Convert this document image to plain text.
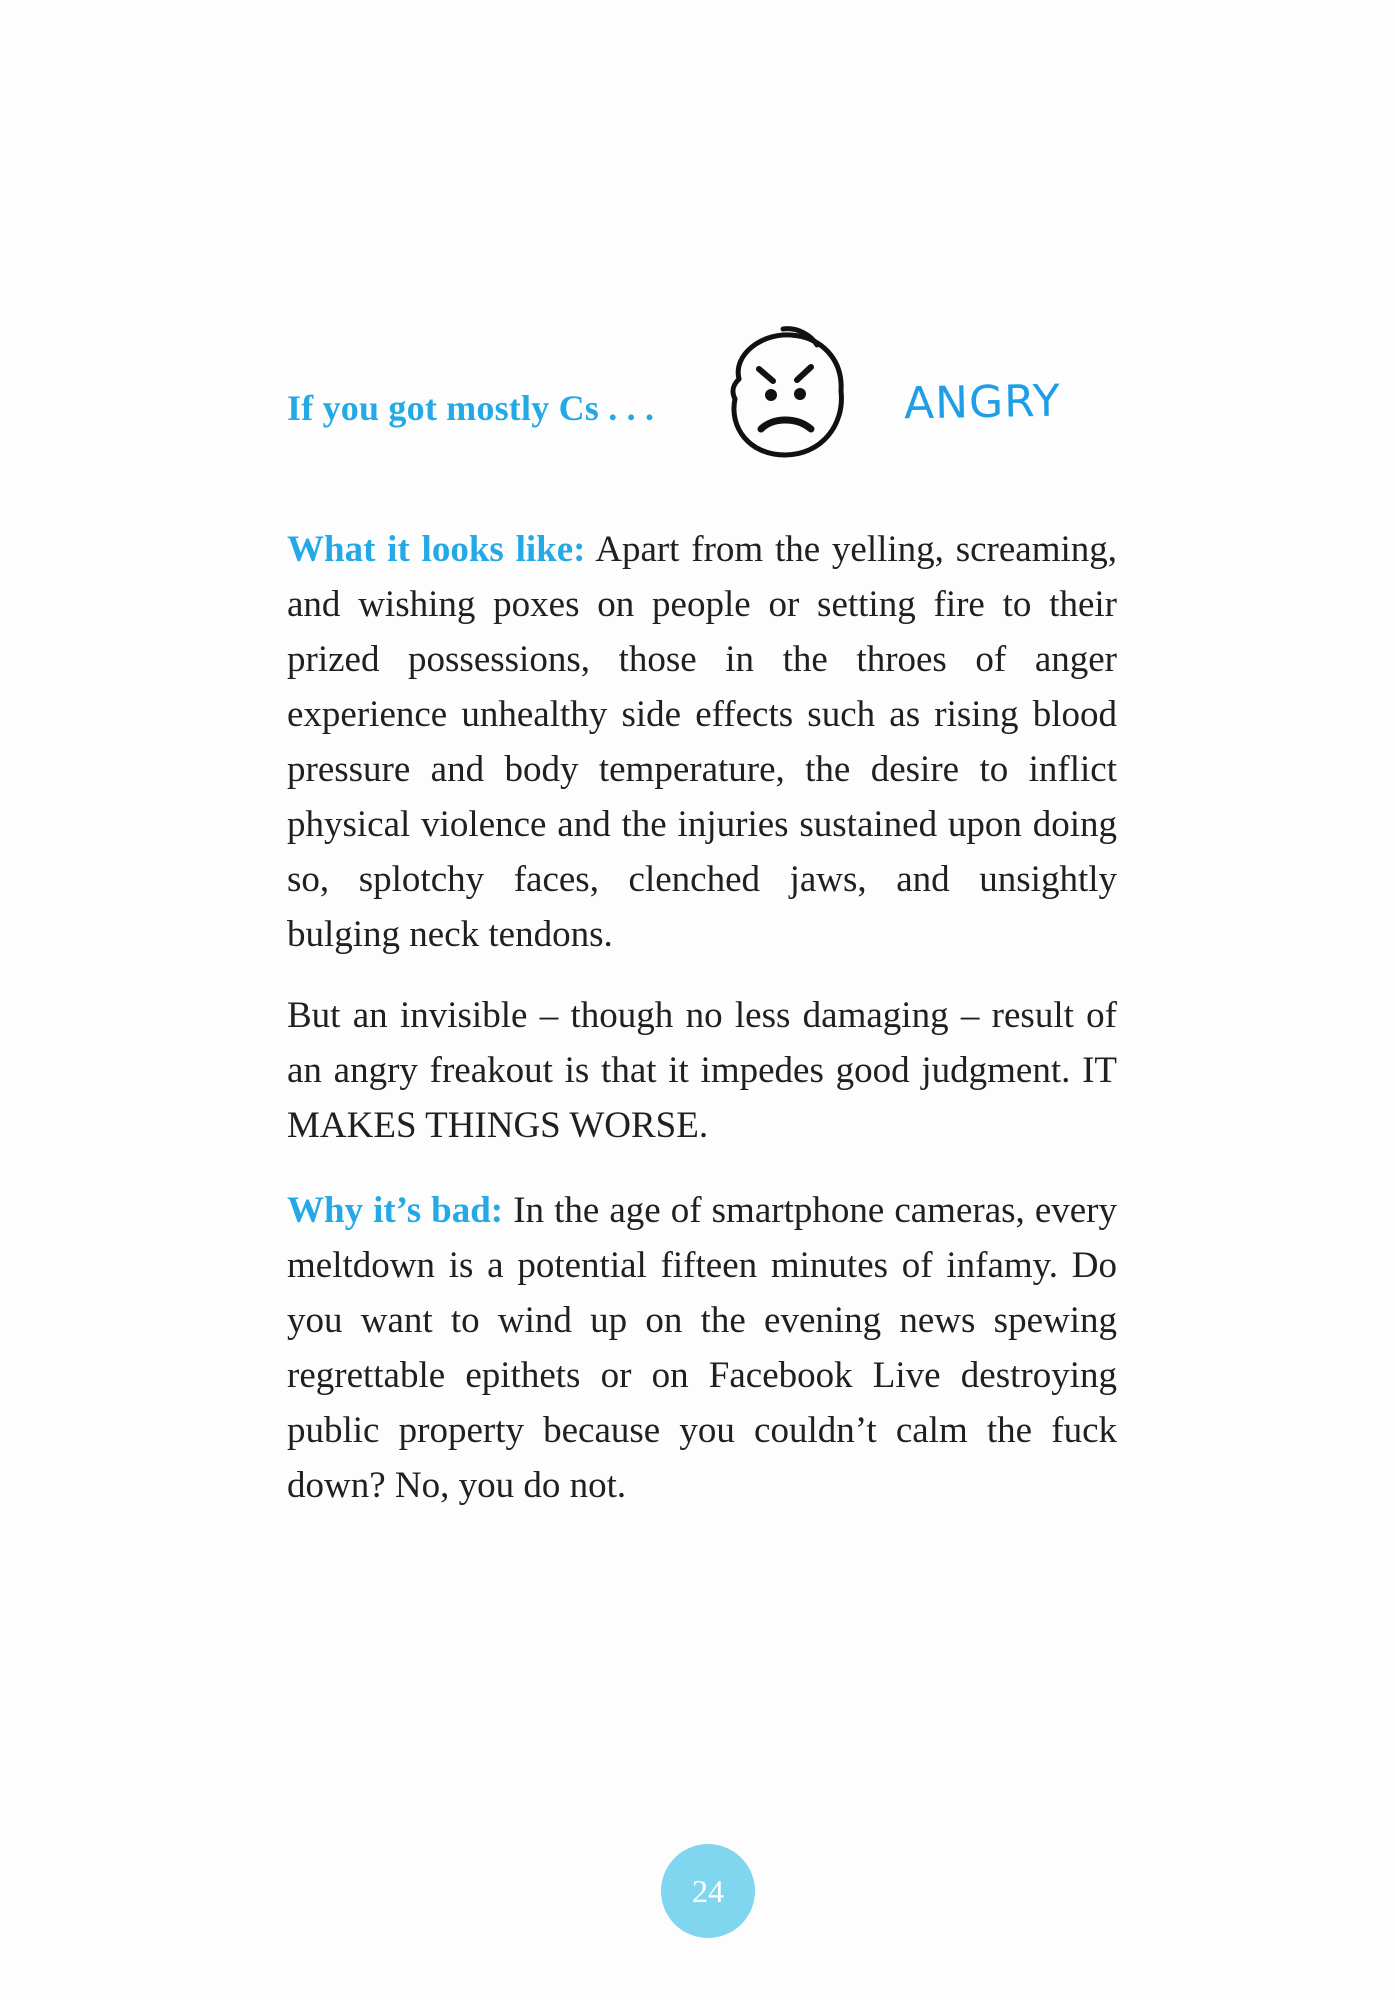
If you got mostly Cs . . .	ANGRY

What it looks like: Apart from the yelling, screaming, and wishing poxes on people or setting fire to their prized possessions, those in the throes of anger experience unhealthy side effects such as rising blood pressure and body temperature, the desire to inflict physical violence and the injuries sustained upon doing so, splotchy faces, clenched jaws, and unsightly bulging neck tendons.

But an invisible – though no less damaging – result of an angry freakout is that it impedes good judgment. IT MAKES THINGS WORSE.

Why it’s bad: In the age of smartphone cameras, every meltdown is a potential fifteen minutes of infamy. Do you want to wind up on the evening news spewing regrettable epithets or on Facebook Live destroying public property because you couldn’t calm the fuck down? No, you do not.

24
